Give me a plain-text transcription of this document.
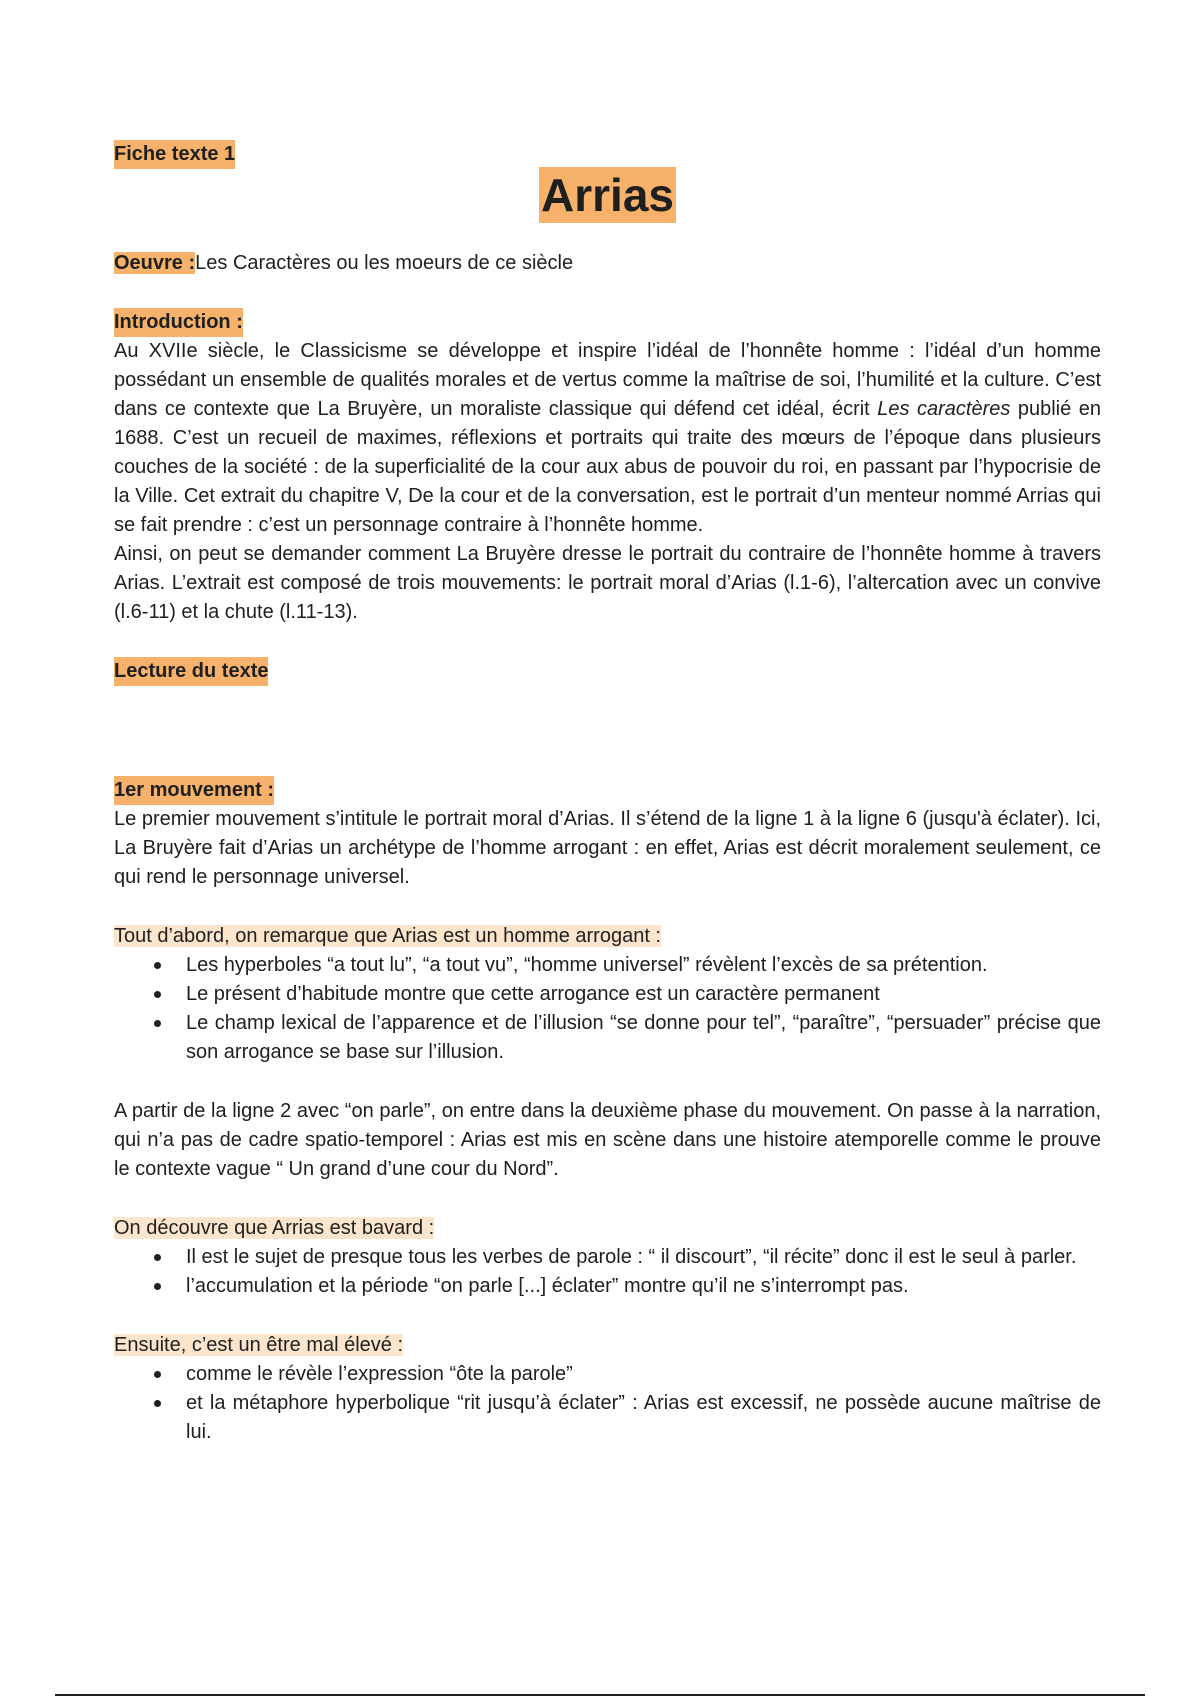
Fiche texte 1
Arrias

Oeuvre :Les Caractères ou les moeurs de ce siècle

Introduction :

Au XVIIe siècle, le Classicisme se développe et inspire l’idéal de l’honnête homme : l’idéal d’un homme possédant un ensemble de qualités morales et de vertus comme la maîtrise de soi, l’humilité et la culture. C’est dans ce contexte que La Bruyère, un moraliste classique qui défend cet idéal, écrit Les caractères publié en 1688. C’est un recueil de maximes, réflexions et portraits qui traite des mœurs de l’époque dans plusieurs couches de la société : de la superficialité de la cour aux abus de pouvoir du roi, en passant par l’hypocrisie de la Ville. Cet extrait du chapitre V, De la cour et de la conversation, est le portrait d’un menteur nommé Arrias qui se fait prendre : c’est un personnage contraire à l’honnête homme.

Ainsi, on peut se demander comment La Bruyère dresse le portrait du contraire de l’honnête homme à travers Arias. L’extrait est composé de trois mouvements: le portrait moral d’Arias (l.1-6), l’altercation avec un convive (l.6-11) et la chute (l.11-13).

Lecture du texte
1er mouvement :

Le premier mouvement s’intitule le portrait moral d’Arias. Il s’étend de la ligne 1 à la ligne 6 (jusqu'à éclater). Ici, La Bruyère fait d’Arias un archétype de l’homme arrogant : en effet, Arias est décrit moralement seulement, ce qui rend le personnage universel.

Tout d’abord, on remarque que Arias est un homme arrogant :
Les hyperboles “a tout lu”, “a tout vu”, “homme universel” révèlent l’excès de sa prétention.
Le présent d’habitude montre que cette arrogance est un caractère permanent
Le champ lexical de l’apparence et de l’illusion “se donne pour tel”, “paraître”, “persuader” précise que son arrogance se base sur l’illusion.

A partir de la ligne 2 avec “on parle”, on entre dans la deuxième phase du mouvement. On passe à la narration, qui n’a pas de cadre spatio-temporel : Arias est mis en scène dans une histoire atemporelle comme le prouve le contexte vague “ Un grand d’une cour du Nord”.

On découvre que Arrias est bavard :
Il est le sujet de presque tous les verbes de parole : “ il discourt”, “il récite” donc il est le seul à parler.
l’accumulation et la période “on parle [...] éclater” montre qu’il ne s’interrompt pas.
Ensuite, c’est un être mal élevé :
comme le révèle l’expression “ôte la parole”
et la métaphore hyperbolique “rit jusqu’à éclater” : Arias est excessif, ne possède aucune maîtrise de lui.
